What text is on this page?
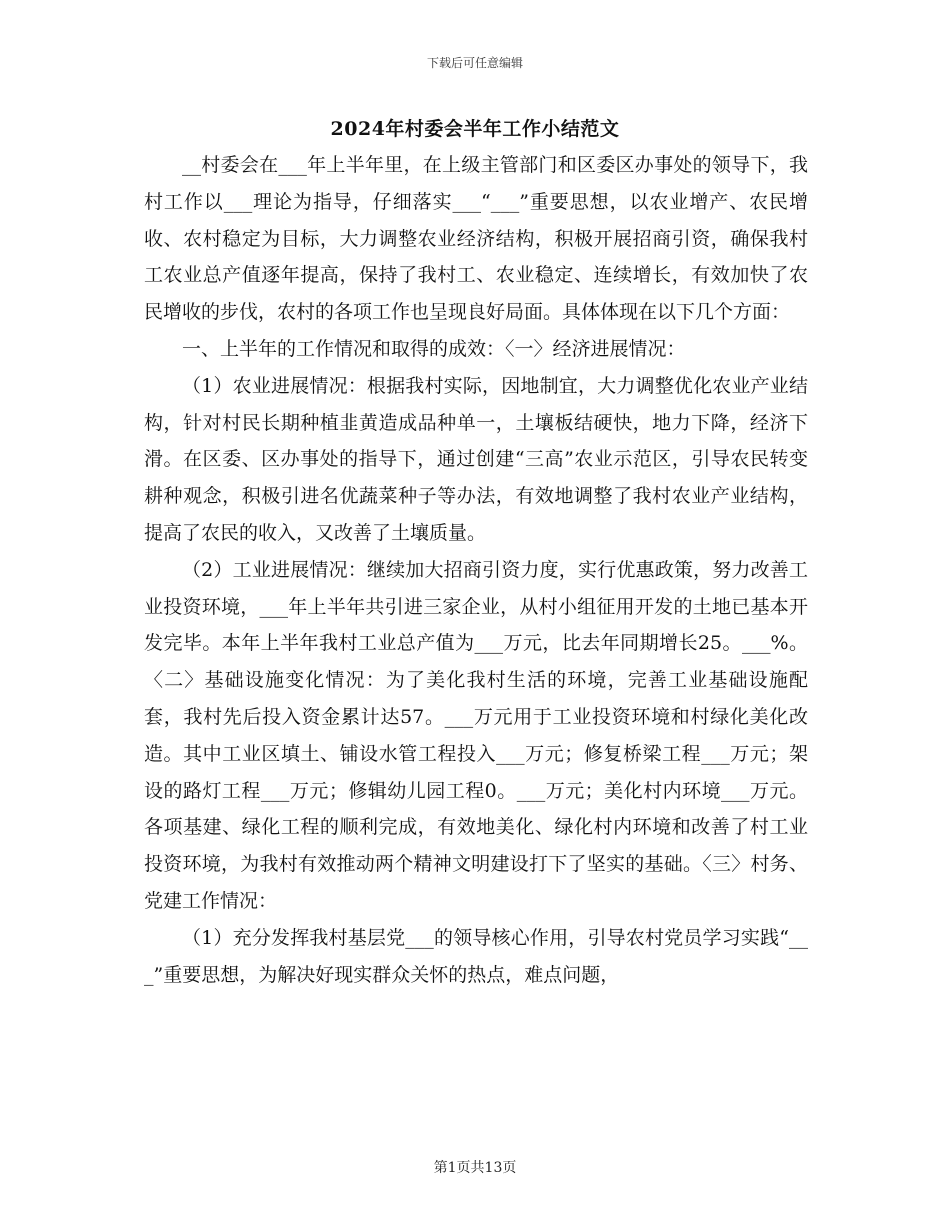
下载后可任意编辑
2024年村委会半年工作小结范文

__村委会在___年上半年里，在上级主管部门和区委区办事处的领导下，我村工作以___理论为指导，仔细落实___“___”重要思想，以农业增产、农民增收、农村稳定为目标，大力调整农业经济结构，积极开展招商引资，确保我村工农业总产值逐年提高，保持了我村工、农业稳定、连续增长，有效加快了农民增收的步伐，农村的各项工作也呈现良好局面。具体体现在以下几个方面：

一、上半年的工作情况和取得的成效：〈一〉经济进展情况：

（1）农业进展情况：根据我村实际，因地制宜，大力调整优化农业产业结构，针对村民长期种植韭黄造成品种单一，土壤板结硬快，地力下降，经济下滑。在区委、区办事处的指导下，通过创建“三高”农业示范区，引导农民转变耕种观念，积极引进名优蔬菜种子等办法，有效地调整了我村农业产业结构，提高了农民的收入，又改善了土壤质量。

（2）工业进展情况：继续加大招商引资力度，实行优惠政策，努力改善工业投资环境，___年上半年共引进三家企业，从村小组征用开发的土地已基本开发完毕。本年上半年我村工业总产值为___万元，比去年同期增长25。___%。〈二〉基础设施变化情况：为了美化我村生活的环境，完善工业基础设施配套，我村先后投入资金累计达57。___万元用于工业投资环境和村绿化美化改造。其中工业区填土、铺设水管工程投入___万元；修复桥梁工程___万元；架设的路灯工程___万元；修辑幼儿园工程0。___万元；美化村内环境___万元。各项基建、绿化工程的顺利完成，有效地美化、绿化村内环境和改善了村工业投资环境，为我村有效推动两个精神文明建设打下了坚实的基础。〈三〉村务、党建工作情况：

（1）充分发挥我村基层党___的领导核心作用，引导农村党员学习实践“___”重要思想，为解决好现实群众关怀的热点，难点问题，

第1页共13页
